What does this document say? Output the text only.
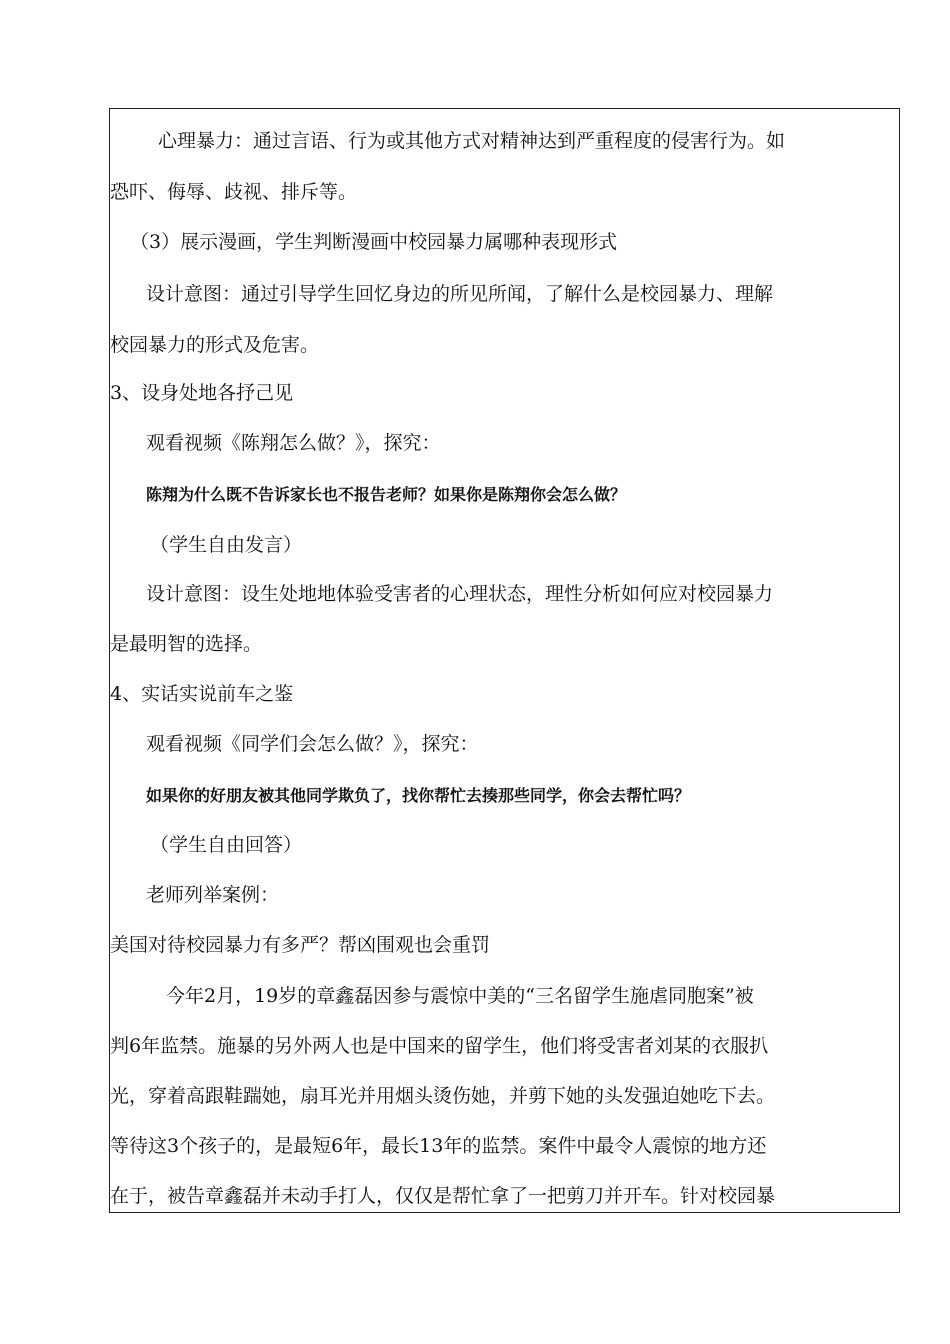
心理暴力：通过言语、行为或其他方式对精神达到严重程度的侵害行为。如
恐吓、侮辱、歧视、排斥等。
（3）展示漫画，学生判断漫画中校园暴力属哪种表现形式
设计意图：通过引导学生回忆身边的所见所闻，了解什么是校园暴力、理解
校园暴力的形式及危害。
3、设身处地各抒己见
观看视频《陈翔怎么做？》，探究：
陈翔为什么既不告诉家长也不报告老师？如果你是陈翔你会怎么做？
（学生自由发言）
设计意图：设生处地地体验受害者的心理状态，理性分析如何应对校园暴力
是最明智的选择。
4、实话实说前车之鉴
观看视频《同学们会怎么做？》，探究：
如果你的好朋友被其他同学欺负了，找你帮忙去揍那些同学，你会去帮忙吗？
（学生自由回答）
老师列举案例：
美国对待校园暴力有多严？帮凶围观也会重罚
今年2月，19岁的章鑫磊因参与震惊中美的“三名留学生施虐同胞案”被
判6年监禁。施暴的另外两人也是中国来的留学生，他们将受害者刘某的衣服扒
光，穿着高跟鞋踹她，扇耳光并用烟头烫伤她，并剪下她的头发强迫她吃下去。
等待这3个孩子的，是最短6年，最长13年的监禁。案件中最令人震惊的地方还
在于，被告章鑫磊并未动手打人，仅仅是帮忙拿了一把剪刀并开车。针对校园暴
